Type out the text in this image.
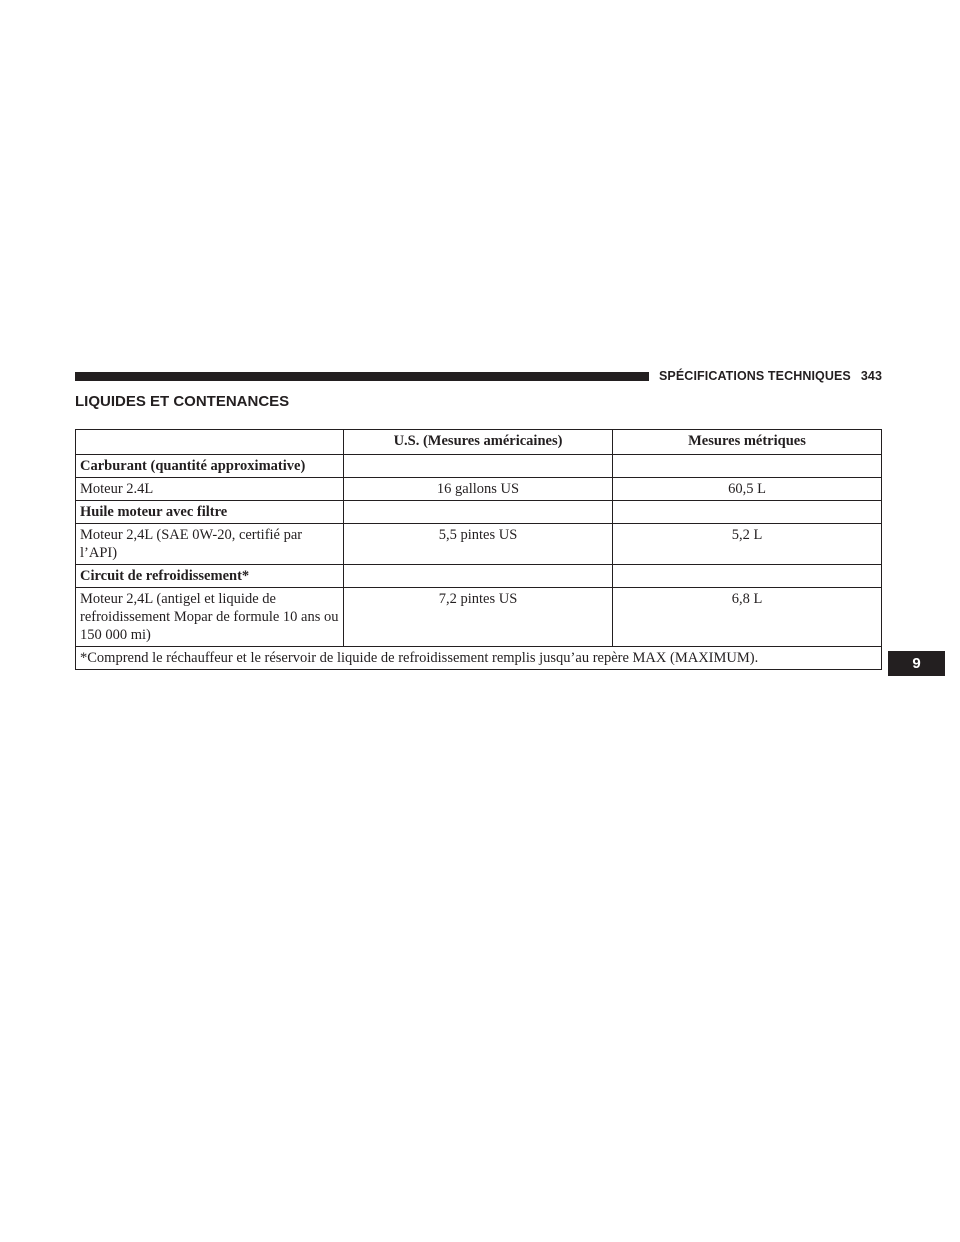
SPÉCIFICATIONS TECHNIQUES 343
LIQUIDES ET CONTENANCES
	U.S. (Mesures américaines)	Mesures métriques
Carburant (quantité approximative)		
Moteur 2.4L	16 gallons US	60,5 L
Huile moteur avec filtre		
Moteur 2,4L (SAE 0W-20, certifié par l’API)	5,5 pintes US	5,2 L
Circuit de refroidissement*		
Moteur 2,4L (antigel et liquide de refroidissement Mopar de formule 10 ans ou 150 000 mi)	7,2 pintes US	6,8 L
*Comprend le réchauffeur et le réservoir de liquide de refroidissement remplis jusqu’au repère MAX (MAXIMUM).			9
